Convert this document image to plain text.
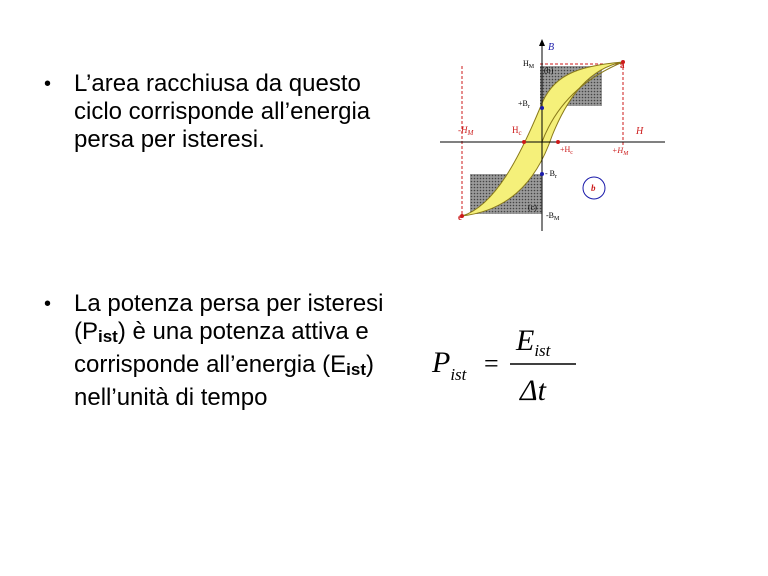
• L’area racchiusa da questo ciclo corrisponde all’energia persa per isteresi.
• La potenza persa per isteresi (Pist) è una potenza attiva e corrisponde all’energia (Eist) nell’unità di tempo
B
H
$H_M$ (b)
a
$+B_r$
$-H_M$	$H_c$
$+H_c$	$+H_M$
- $B_r$
b
(c)
$-B_M$
e
$P_{ist}$ =
$E_{ist}$
Δt
